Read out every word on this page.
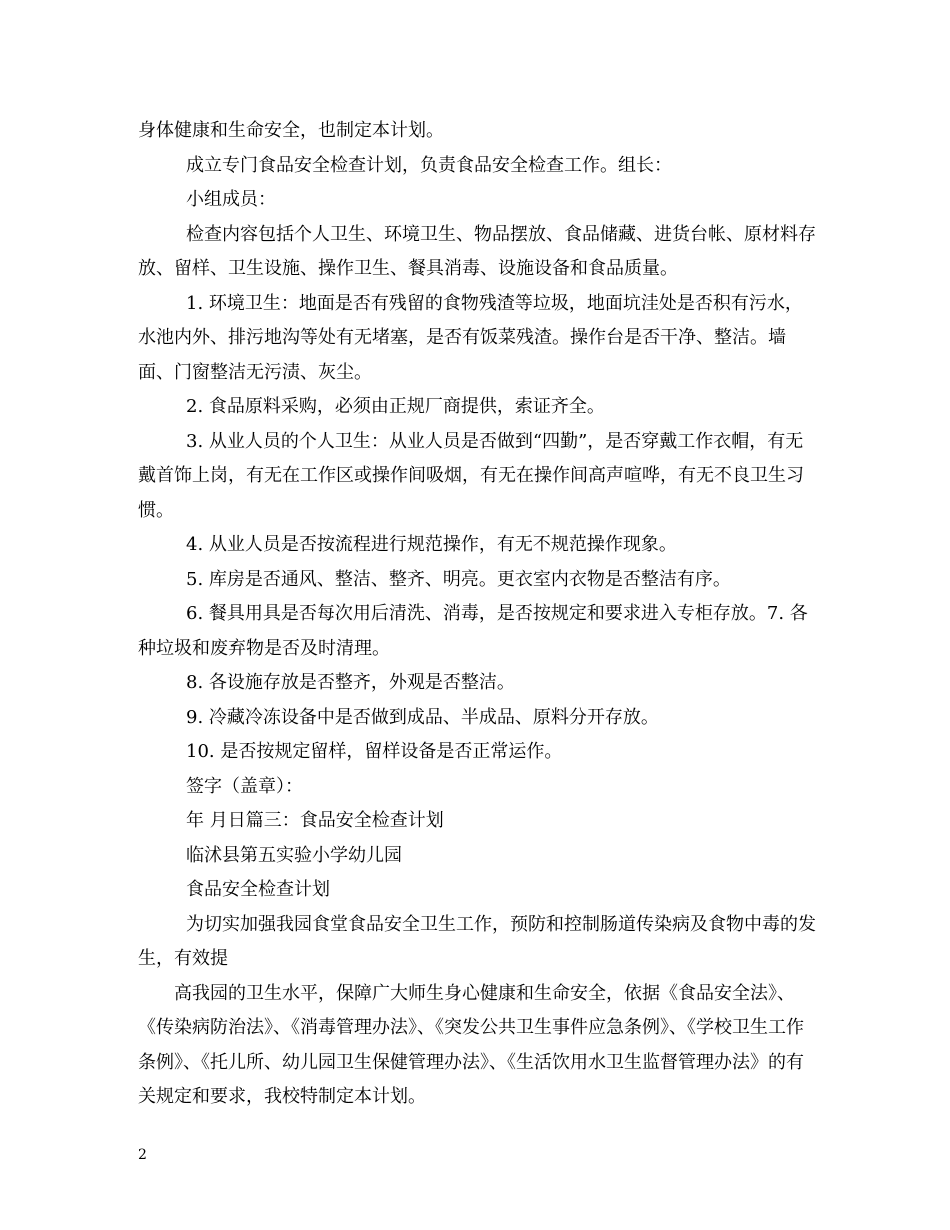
身体健康和生命安全，也制定本计划。

成立专门食品安全检查计划，负责食品安全检查工作。组长：

小组成员：

检查内容包括个人卫生、环境卫生、物品摆放、食品储藏、进货台帐、原材料存放、留样、卫生设施、操作卫生、餐具消毒、设施设备和食品质量。

1. 环境卫生：地面是否有残留的食物残渣等垃圾，地面坑洼处是否积有污水，水池内外、排污地沟等处有无堵塞，是否有饭菜残渣。操作台是否干净、整洁。墙面、门窗整洁无污渍、灰尘。

2. 食品原料采购，必须由正规厂商提供，索证齐全。

3. 从业人员的个人卫生：从业人员是否做到“四勤”，是否穿戴工作衣帽，有无戴首饰上岗，有无在工作区或操作间吸烟，有无在操作间高声喧哗，有无不良卫生习惯。

4. 从业人员是否按流程进行规范操作，有无不规范操作现象。

5. 库房是否通风、整洁、整齐、明亮。更衣室内衣物是否整洁有序。

6. 餐具用具是否每次用后清洗、消毒，是否按规定和要求进入专柜存放。7. 各种垃圾和废弃物是否及时清理。

8. 各设施存放是否整齐，外观是否整洁。

9. 冷藏冷冻设备中是否做到成品、半成品、原料分开存放。

10. 是否按规定留样，留样设备是否正常运作。

签字（盖章）：

年 月日篇三：食品安全检查计划

临沭县第五实验小学幼儿园

食品安全检查计划

为切实加强我园食堂食品安全卫生工作，预防和控制肠道传染病及食物中毒的发生，有效提

高我园的卫生水平，保障广大师生身心健康和生命安全，依据《食品安全法》、《传染病防治法》、《消毒管理办法》、《突发公共卫生事件应急条例》、《学校卫生工作条例》、《托儿所、幼儿园卫生保健管理办法》、《生活饮用水卫生监督管理办法》的有关规定和要求，我校特制定本计划。

2
